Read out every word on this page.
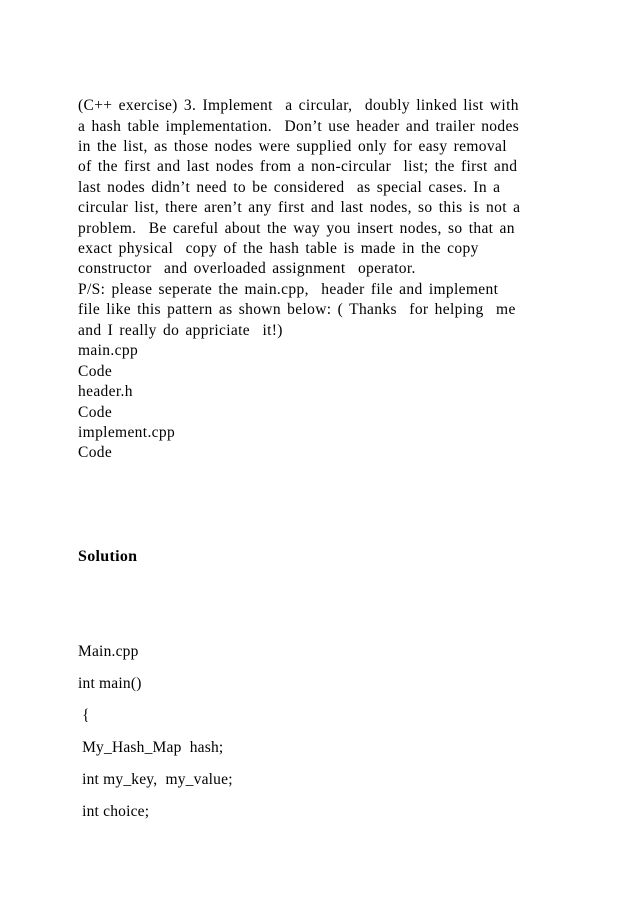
(C++ exercise) 3. Implement  a circular,  doubly linked list with
a hash table implementation.  Don’t use header and trailer nodes
in the list, as those nodes were supplied only for easy removal
of the first and last nodes from a non-circular  list; the first and
last nodes didn’t need to be considered  as special cases. In a
circular list, there aren’t any first and last nodes, so this is not a
problem.  Be careful about the way you insert nodes, so that an
exact physical  copy of the hash table is made in the copy
constructor  and overloaded assignment  operator.
P/S: please seperate the main.cpp,  header file and implement
file like this pattern as shown below: ( Thanks  for helping  me
and I really do appriciate  it!)
main.cpp
Code
header.h
Code
implement.cpp
Code
Solution
Main.cpp
int main()
{
My_Hash_Map  hash;
int my_key,  my_value;
int choice;
